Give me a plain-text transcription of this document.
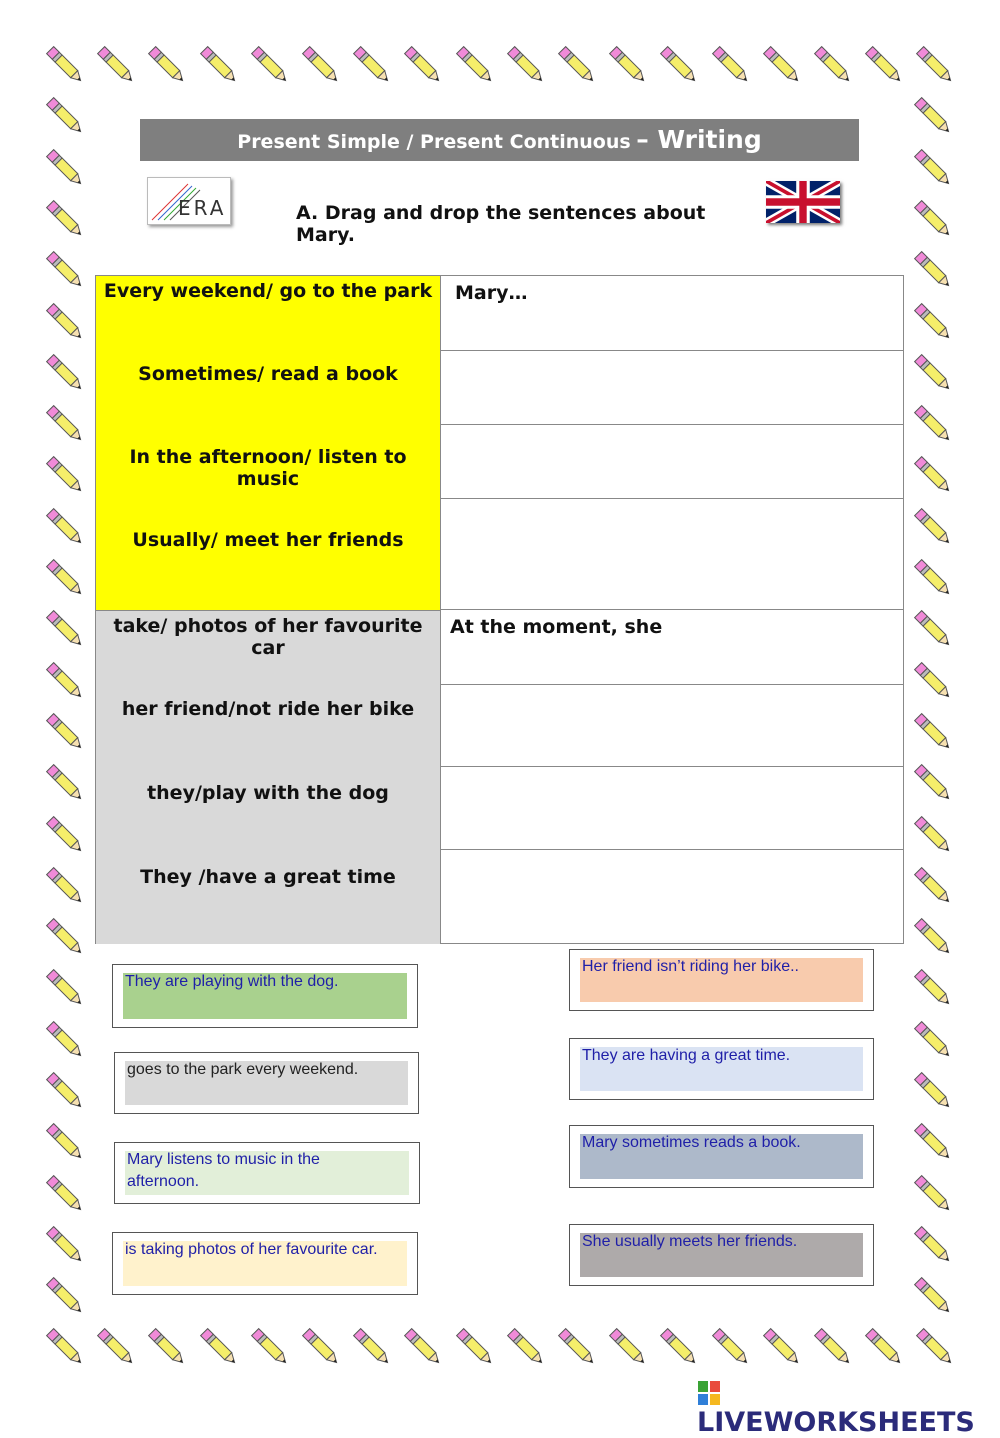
Present Simple / Present Continuous – Writing
ERA	A. Drag and drop the sentences about Mary.
Every weekend/ go to the park
Sometimes/ read a book
In the afternoon/ listen to music
Usually/ meet her friends
take/ photos of her favourite car
her friend/not ride her bike
they/play with the dog
They /have a great time
Mary…
At the moment, she
They are playing with the dog.
goes to the park every weekend.
Mary listens to music in the afternoon.
is taking photos of her favourite car.
Her friend isn’t riding her bike..
They are having a great time.
Mary sometimes reads a book.
She usually meets her friends.
LIVEWORKSHEETS
